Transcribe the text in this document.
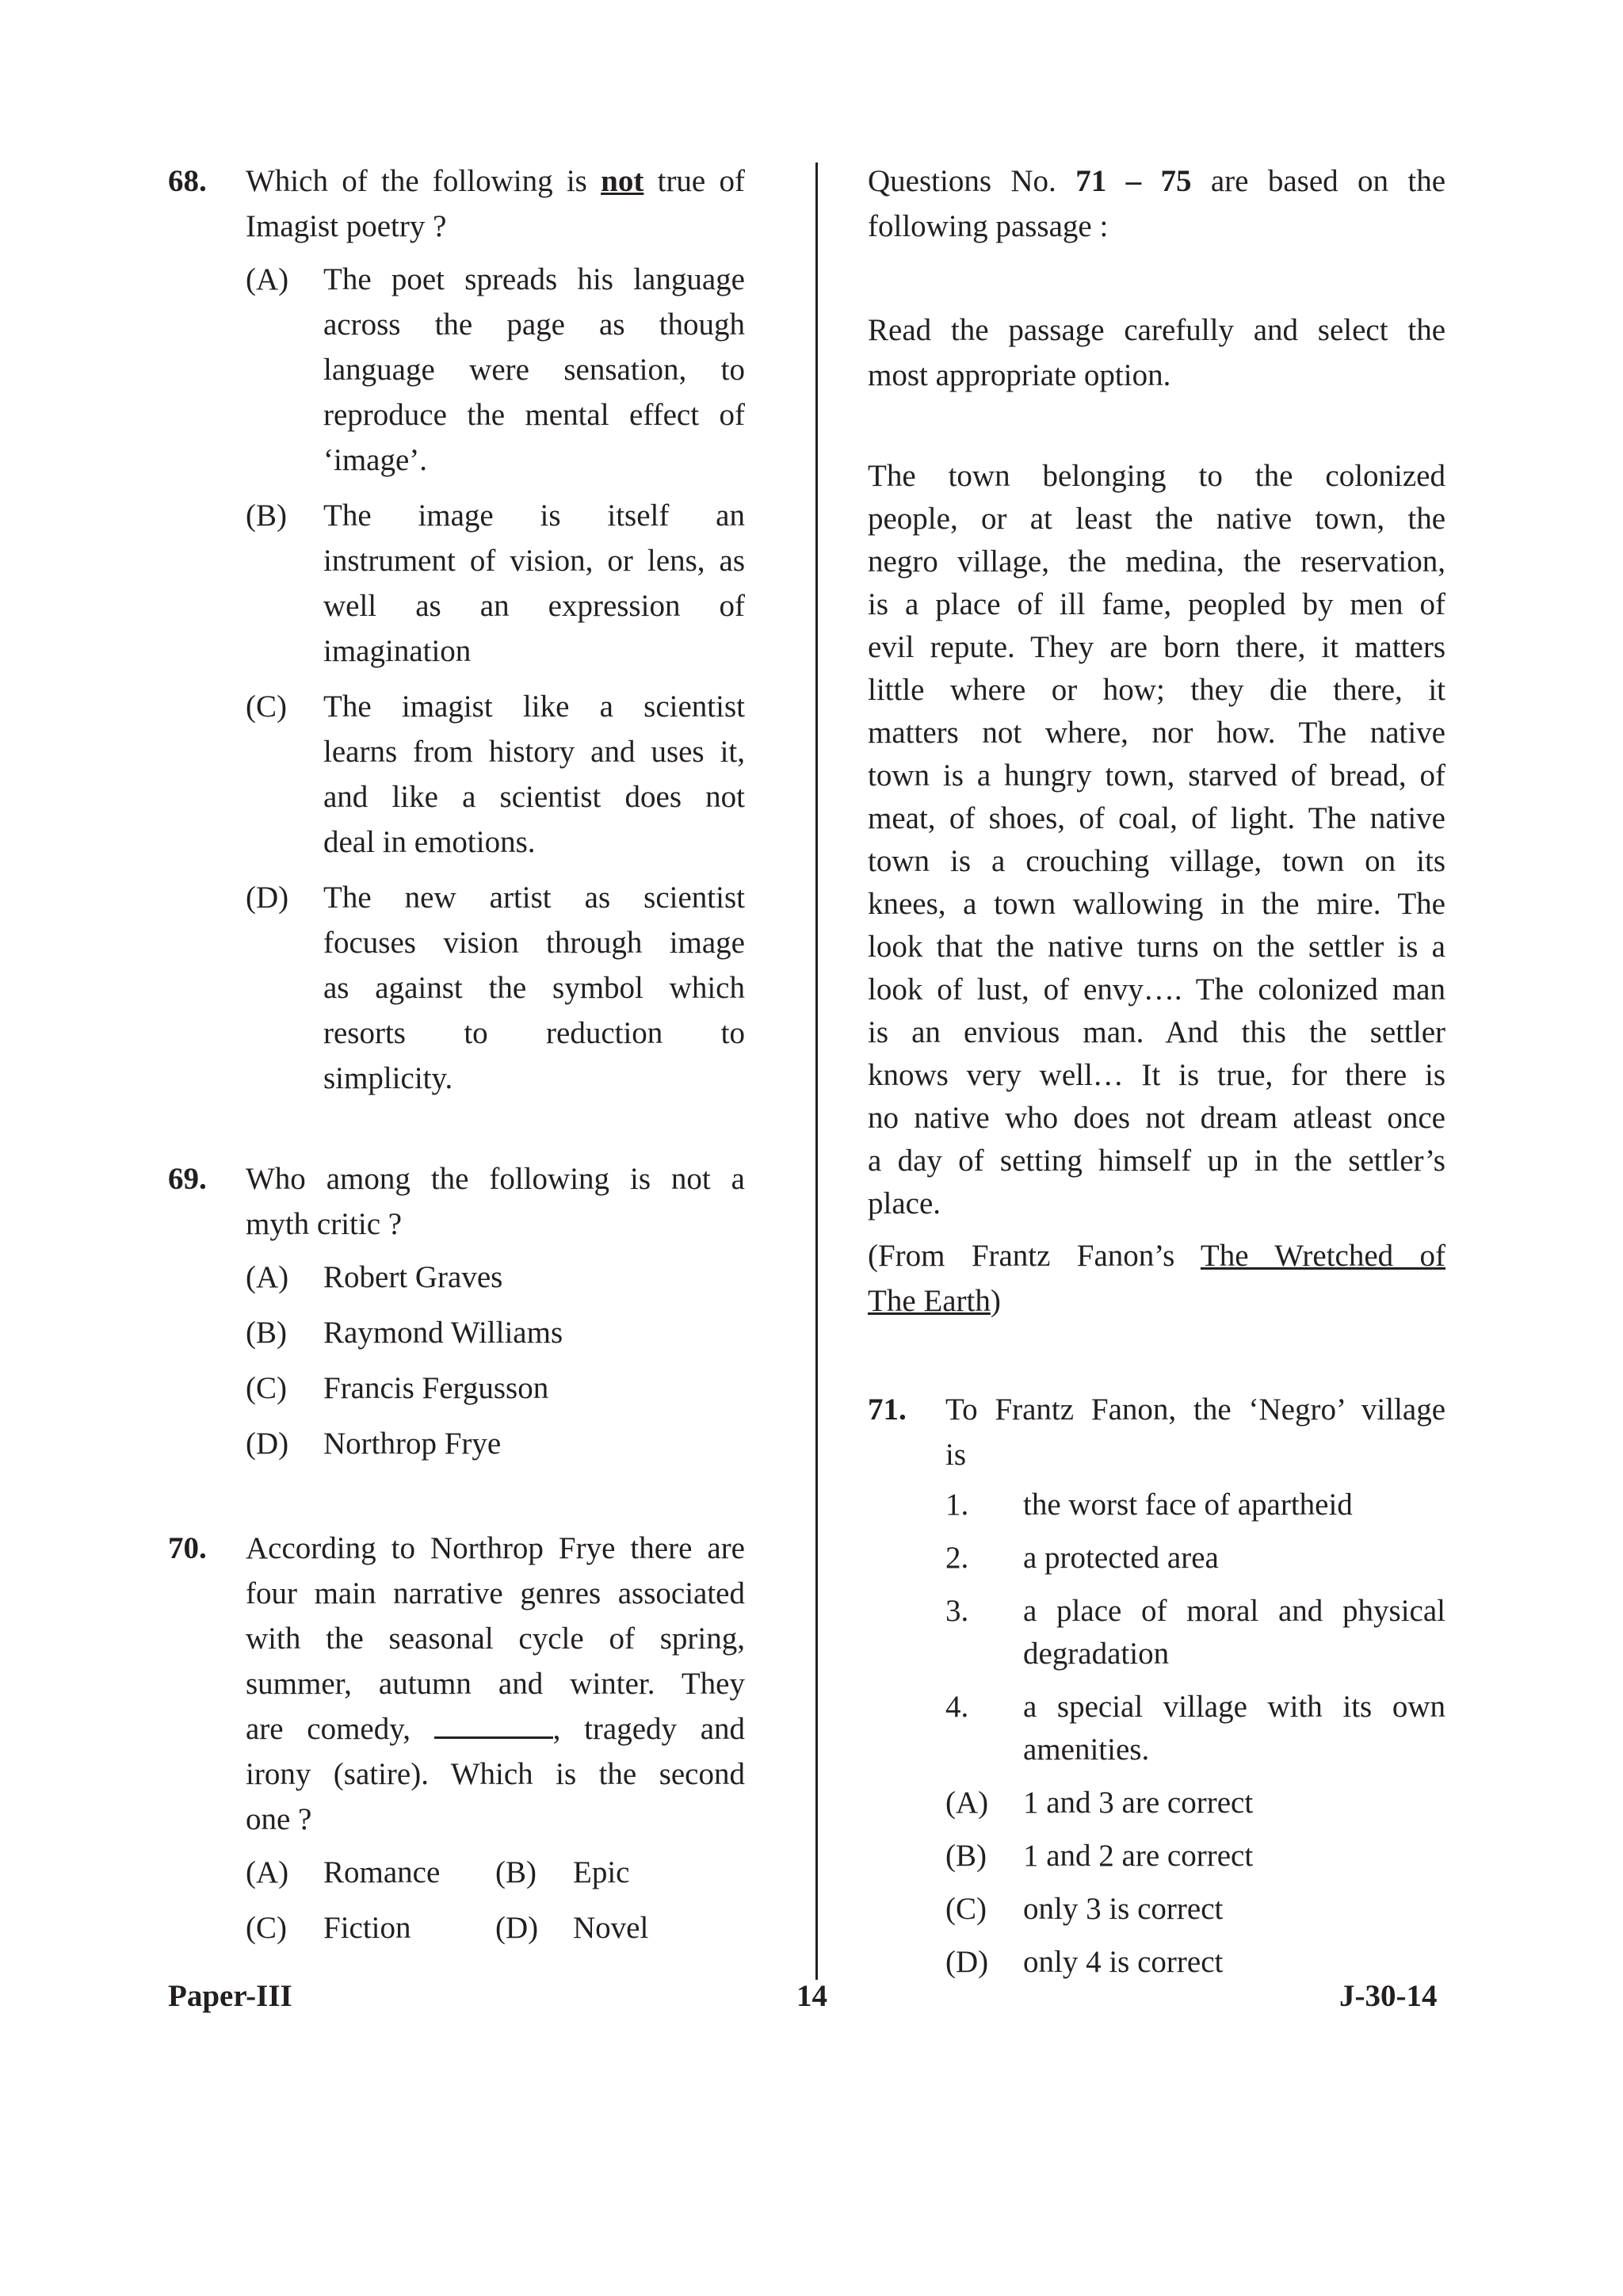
68. Which of the following is not true of
Imagist poetry ?
(A) The poet spreads his language
across the page as though
language were sensation, to
reproduce the mental effect of
‘image’.
(B) The image is itself an
instrument of vision, or lens, as
well as an expression of
imagination
(C) The imagist like a scientist
learns from history and uses it,
and like a scientist does not
deal in emotions.
(D) The new artist as scientist
focuses vision through image
as against the symbol which
resorts to reduction to
simplicity.
69. Who among the following is not a
myth critic ?
(A) Robert Graves
(B) Raymond Williams
(C) Francis Fergusson
(D) Northrop Frye
70. According to Northrop Frye there are
four main narrative genres associated
with the seasonal cycle of spring,
summer, autumn and winter. They
are comedy,	, tragedy and
irony (satire). Which is the second
one ?
(A) Romance	(B) Epic
(C) Fiction	(D) Novel
Questions No. 71 – 75 are based on the
following passage :
Read the passage carefully and select the
most appropriate option.
The town belonging to the colonized
people, or at least the native town, the
negro village, the medina, the reservation,
is a place of ill fame, peopled by men of
evil repute. They are born there, it matters
little where or how; they die there, it
matters not where, nor how. The native
town is a hungry town, starved of bread, of
meat, of shoes, of coal, of light. The native
town is a crouching village, town on its
knees, a town wallowing in the mire. The
look that the native turns on the settler is a
look of lust, of envy…. The colonized man
is an envious man. And this the settler
knows very well… It is true, for there is
no native who does not dream atleast once
a day of setting himself up in the settler’s
place.
(From Frantz Fanon’s The Wretched of
The Earth)
71. To Frantz Fanon, the ‘Negro’ village
is
1. the worst face of apartheid
2. a protected area
3. a place of moral and physical
degradation
4. a special village with its own
amenities.
(A) 1 and 3 are correct
(B) 1 and 2 are correct
(C) only 3 is correct
(D) only 4 is correct
Paper-III	14	J-30-14
